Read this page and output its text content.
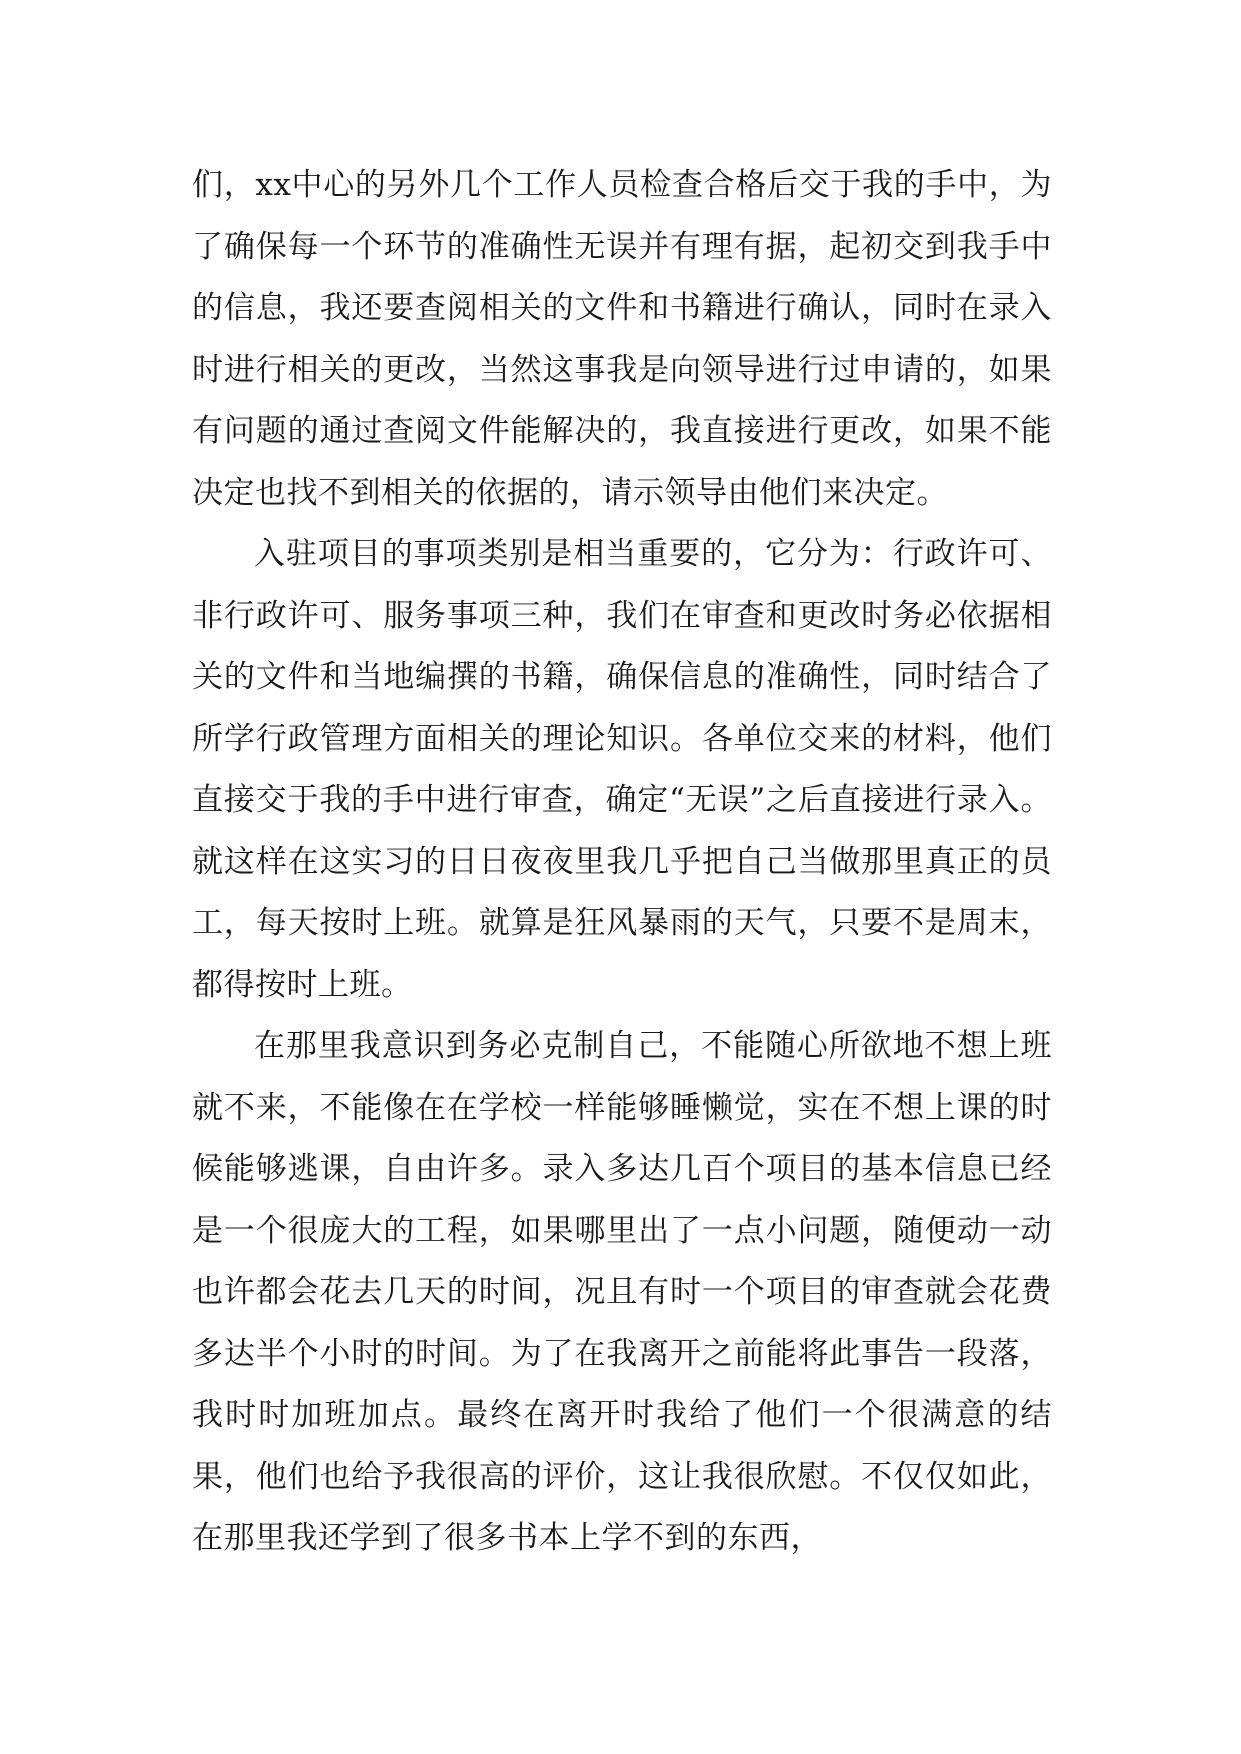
们，xx中心的另外几个工作人员检查合格后交于我的手中，为了确保每一个环节的准确性无误并有理有据，起初交到我手中的信息，我还要查阅相关的文件和书籍进行确认，同时在录入时进行相关的更改，当然这事我是向领导进行过申请的，如果有问题的通过查阅文件能解决的，我直接进行更改，如果不能决定也找不到相关的依据的，请示领导由他们来决定。

入驻项目的事项类别是相当重要的，它分为：行政许可、非行政许可、服务事项三种，我们在审查和更改时务必依据相关的文件和当地编撰的书籍，确保信息的准确性，同时结合了所学行政管理方面相关的理论知识。各单位交来的材料，他们直接交于我的手中进行审查，确定“无误”之后直接进行录入。就这样在这实习的日日夜夜里我几乎把自己当做那里真正的员工，每天按时上班。就算是狂风暴雨的天气，只要不是周末，都得按时上班。

在那里我意识到务必克制自己，不能随心所欲地不想上班就不来，不能像在在学校一样能够睡懒觉，实在不想上课的时候能够逃课，自由许多。录入多达几百个项目的基本信息已经是一个很庞大的工程，如果哪里出了一点小问题，随便动一动也许都会花去几天的时间，况且有时一个项目的审查就会花费多达半个小时的时间。为了在我离开之前能将此事告一段落，我时时加班加点。最终在离开时我给了他们一个很满意的结果，他们也给予我很高的评价，这让我很欣慰。不仅仅如此，在那里我还学到了很多书本上学不到的东西，
